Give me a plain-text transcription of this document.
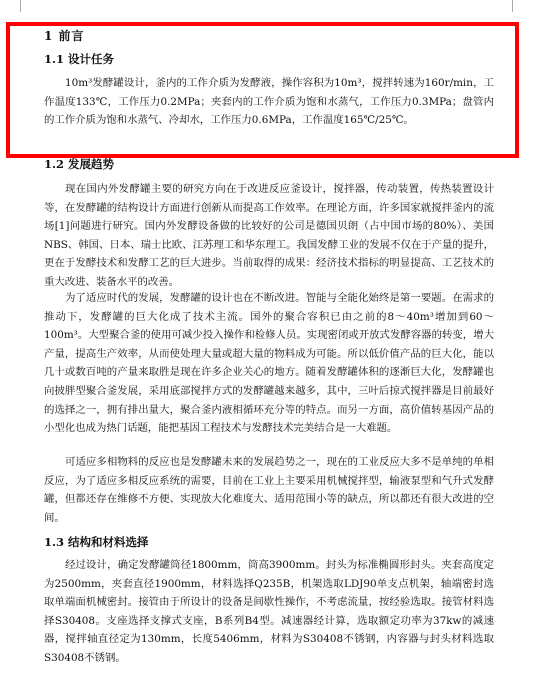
1 前言
1.1 设计任务

10m³发酵罐设计，釜内的工作介质为发酵液，操作容积为10m³，搅拌转速为160r/min，工作温度133℃，工作压力0.2MPa；夹套内的工作介质为饱和水蒸气，工作压力0.3MPa；盘管内的工作介质为饱和水蒸气、冷却水，工作压力0.6MPa，工作温度165℃/25℃。

1.2 发展趋势

现在国内外发酵罐主要的研究方向在于改进反应釜设计，搅拌器，传动装置，传热装置设计等，在发酵罐的结构设计方面进行创新从而提高工作效率。在理论方面，许多国家就搅拌釜内的流场[1]问题进行研究。国内外发酵设备做的比较好的公司是德国贝朗（占中国市场的80%）、美国NBS、韩国、日本、瑞士比欧、江苏理工和华东理工。我国发酵工业的发展不仅在于产量的提升，更在于发酵技术和发酵工艺的巨大进步。当前取得的成果：经济技术指标的明显提高、工艺技术的重大改进、装备水平的改善。

为了适应时代的发展，发酵罐的设计也在不断改进。智能与全能化始终是第一要题。在需求的推动下，发酵罐的巨大化成了技术主流。国外的聚合容积已由之前的8～40m³增加到60～100m³。大型聚合釜的使用可减少投入操作和检修人员。实现密闭或开放式发酵容器的转变，增大产量，提高生产效率，从而使处理大量或超大量的物料成为可能。所以低价值产品的巨大化，能以几十或数百吨的产量来取胜是现在许多企业关心的地方。随着发酵罐体积的逐渐巨大化，发酵罐也向披胖型聚合釜发展，采用底部搅拌方式的发酵罐越来越多，其中，三叶后掠式搅拌器是目前最好的选择之一，拥有排出量大，聚合釜内液相循环充分等的特点。而另一方面，高价值转基因产品的小型化也成为热门话题，能把基因工程技术与发酵技术完美结合是一大难题。

可适应多相物料的反应也是发酵罐未来的发展趋势之一，现在的工业反应大多不是单纯的单相反应，为了适应多相反应系统的需要，目前在工业上主要采用机械搅拌型，输液泵型和气升式发酵罐，但都还存在维修不方便、实现放大化难度大、适用范围小等的缺点，所以都还有很大改进的空间。

1.3 结构和材料选择

经过设计，确定发酵罐筒径1800mm，筒高3900mm。封头为标准椭圆形封头。夹套高度定为2500mm，夹套直径1900mm，材料选择Q235B，机架选取LDJ90单支点机架，轴端密封选取单端面机械密封。接管由于所设计的设备是间歇性操作，不考虑流量，按经验选取。接管材料选择S30408。支座选择支撑式支座，B系列B4型。减速器经计算，选取额定功率为37kw的减速器，搅拌轴直径定为130mm，长度5406mm，材料为S30408不锈钢，内容器与封头材料选取S30408不锈钢。
